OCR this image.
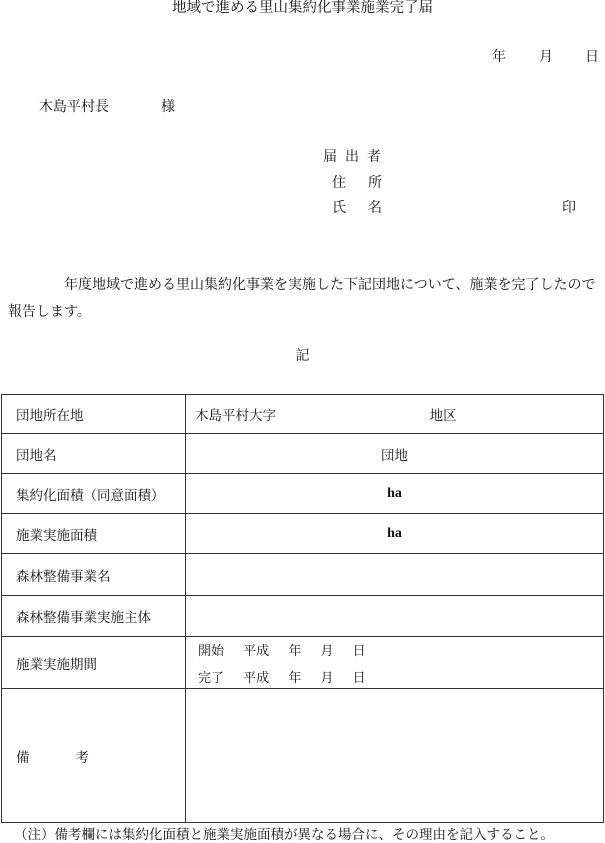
地域で進める里山集約化事業施業完了届
年 月 日
木島平村長	様
届出者
住所
氏名	印
年度地域で進める里山集約化事業を実施した下記団地について、施業を完了したので報告します。
記
団地所在地	木島平村大字 地区
団地名	団地
集約化面積（同意面積）	ha
施業実施面積	ha
森林整備事業名	
森林整備事業実施主体	
施業実施期間	開始 平成 年 月 日
完了 平成 年 月 日

備考	
（注）備考欄には集約化面積と施業実施面積が異なる場合に、その理由を記入すること。
